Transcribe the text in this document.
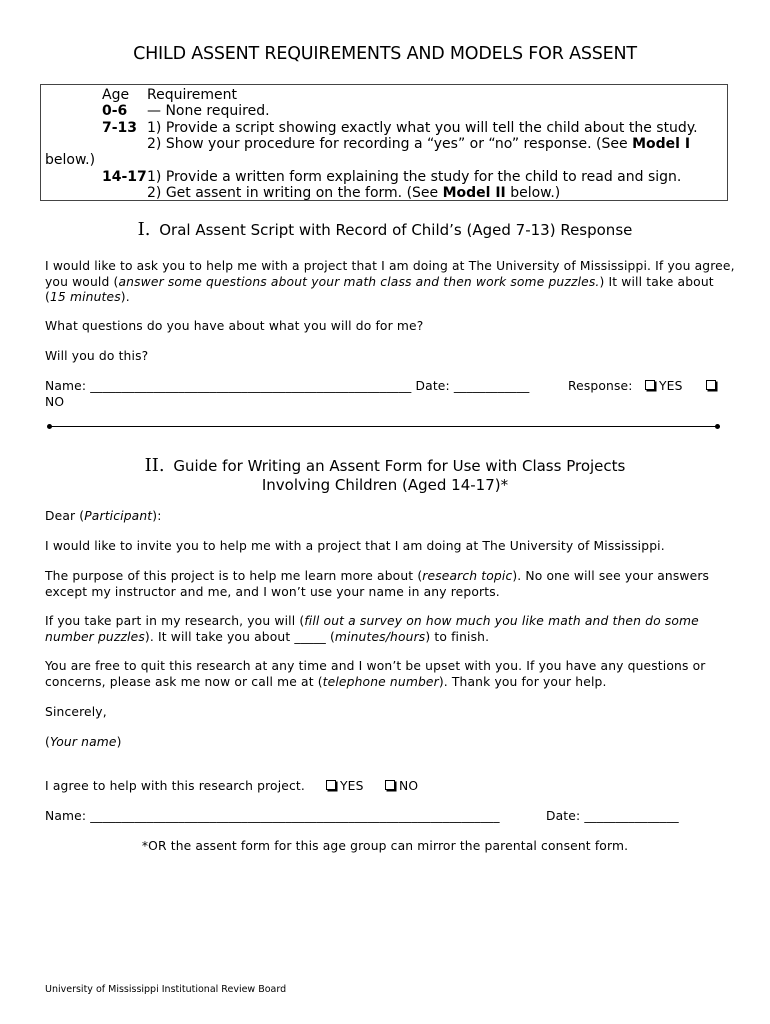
CHILD ASSENT REQUIREMENTS AND MODELS FOR ASSENT
Age Requirement
0-6 — None required.
7-13 1) Provide a script showing exactly what you will tell the child about the study.
2) Show your procedure for recording a “yes” or “no” response. (See Model I
below.)
14-17 1) Provide a written form explaining the study for the child to read and sign.
2) Get assent in writing on the form. (See Model II below.)
I. Oral Assent Script with Record of Child’s (Aged 7-13) Response
I would like to ask you to help me with a project that I am doing at The University of Mississippi. If you agree, you would (answer some questions about your math class and then work some puzzles.) It will take about (15 minutes).
What questions do you have about what you will do for me?
Will you do this?
Name: ___________________________________________________ Date: ____________	Response:	YES
NO
II. Guide for Writing an Assent Form for Use with Class Projects
Involving Children (Aged 14-17)*
Dear (Participant):
I would like to invite you to help me with a project that I am doing at The University of Mississippi.
The purpose of this project is to help me learn more about (research topic). No one will see your answers except my instructor and me, and I won’t use your name in any reports.
If you take part in my research, you will (fill out a survey on how much you like math and then do some number puzzles). It will take you about _____ (minutes/hours) to finish.
You are free to quit this research at any time and I won’t be upset with you. If you have any questions or concerns, please ask me now or call me at (telephone number). Thank you for your help.
Sincerely,
(Your name)
I agree to help with this research project.	YES	NO
Name: _________________________________________________________________	Date: _______________
*OR the assent form for this age group can mirror the parental consent form.
University of Mississippi Institutional Review Board
